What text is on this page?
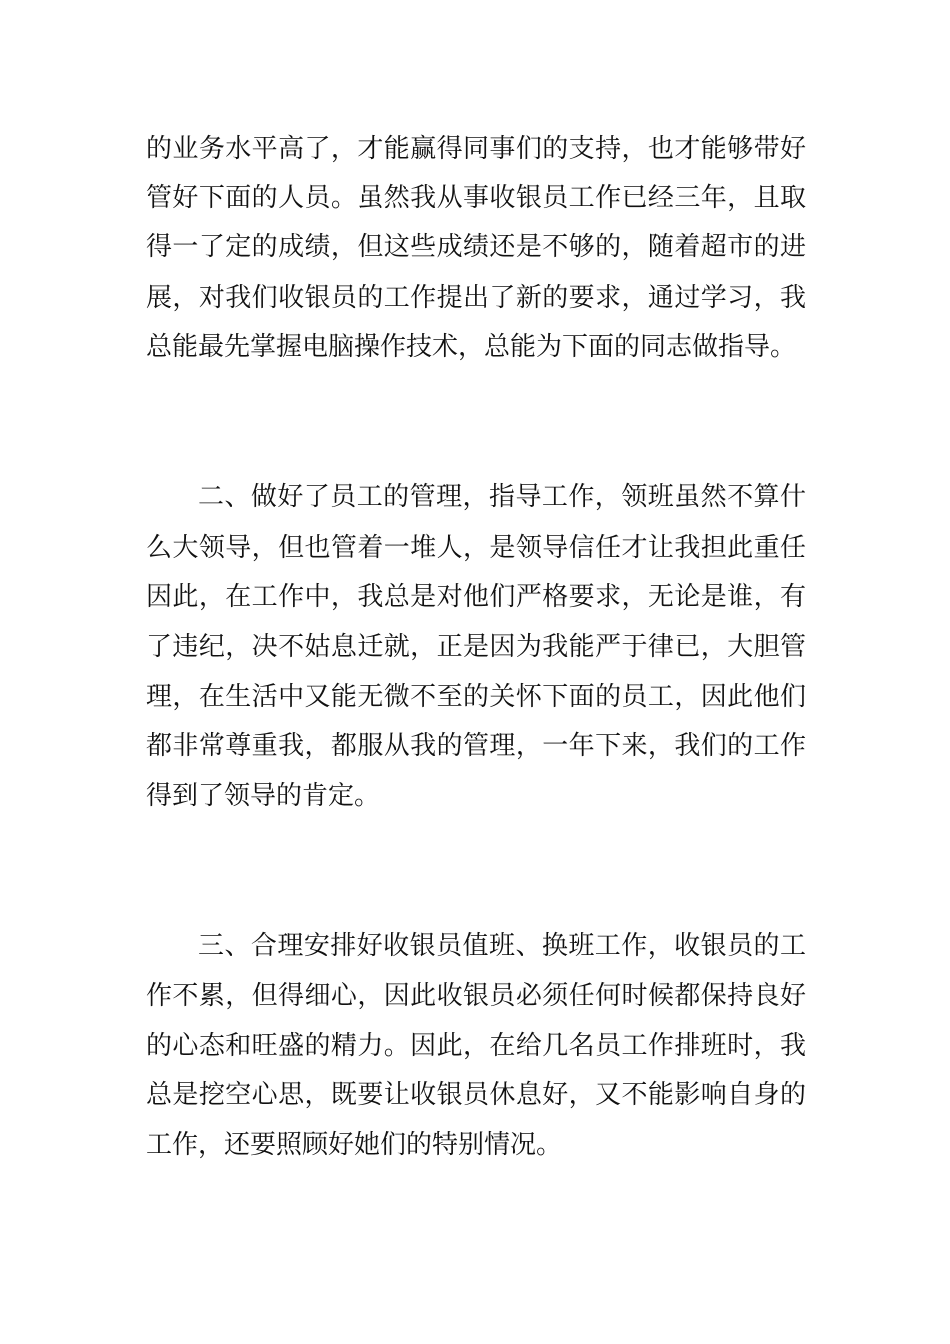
的业务水平高了，才能赢得同事们的支持，也才能够带好
管好下面的人员。虽然我从事收银员工作已经三年，且取
得一了定的成绩，但这些成绩还是不够的，随着超市的进
展，对我们收银员的工作提出了新的要求，通过学习，我
总能最先掌握电脑操作技术，总能为下面的同志做指导。
二、做好了员工的管理，指导工作，领班虽然不算什
么大领导，但也管着一堆人，是领导信任才让我担此重任
因此，在工作中，我总是对他们严格要求，无论是谁，有
了违纪，决不姑息迁就，正是因为我能严于律已，大胆管
理，在生活中又能无微不至的关怀下面的员工，因此他们
都非常尊重我，都服从我的管理，一年下来，我们的工作
得到了领导的肯定。
三、合理安排好收银员值班、换班工作，收银员的工
作不累，但得细心，因此收银员必须任何时候都保持良好
的心态和旺盛的精力。因此，在给几名员工作排班时，我
总是挖空心思，既要让收银员休息好，又不能影响自身的
工作，还要照顾好她们的特别情况。
